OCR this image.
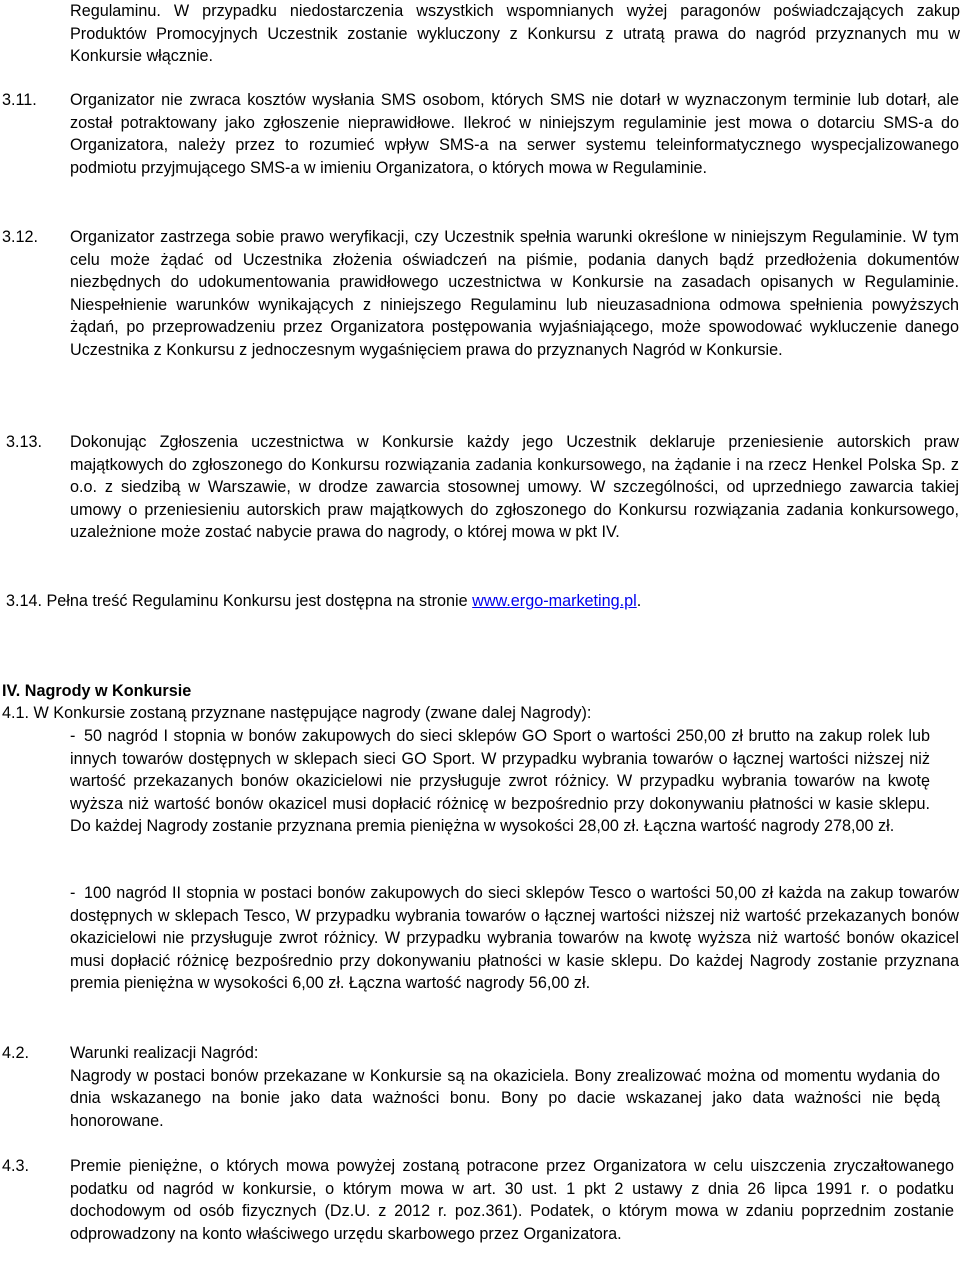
Regulaminu. W przypadku niedostarczenia wszystkich wspomnianych wyżej paragonów poświadczających zakup Produktów Promocyjnych Uczestnik zostanie wykluczony z Konkursu z utratą prawa do nagród przyznanych mu w Konkursie włącznie.
3.11. Organizator nie zwraca kosztów wysłania SMS osobom, których SMS nie dotarł w wyznaczonym terminie lub dotarł, ale został potraktowany jako zgłoszenie nieprawidłowe. Ilekroć w niniejszym regulaminie jest mowa o dotarciu SMS-a do Organizatora, należy przez to rozumieć wpływ SMS-a na serwer systemu teleinformatycznego wyspecjalizowanego podmiotu przyjmującego SMS-a w imieniu Organizatora, o których mowa w Regulaminie.
3.12. Organizator zastrzega sobie prawo weryfikacji, czy Uczestnik spełnia warunki określone w niniejszym Regulaminie. W tym celu może żądać od Uczestnika złożenia oświadczeń na piśmie, podania danych bądź przedłożenia dokumentów niezbędnych do udokumentowania prawidłowego uczestnictwa w Konkursie na zasadach opisanych w Regulaminie. Niespełnienie warunków wynikających z niniejszego Regulaminu lub nieuzasadniona odmowa spełnienia powyższych żądań, po przeprowadzeniu przez Organizatora postępowania wyjaśniającego, może spowodować wykluczenie danego Uczestnika z Konkursu z jednoczesnym wygaśnięciem prawa do przyznanych Nagród w Konkursie.
3.13. Dokonując Zgłoszenia uczestnictwa w Konkursie każdy jego Uczestnik deklaruje przeniesienie autorskich praw majątkowych do zgłoszonego do Konkursu rozwiązania zadania konkursowego, na żądanie i na rzecz Henkel Polska Sp. z o.o. z siedzibą w Warszawie, w drodze zawarcia stosownej umowy. W szczególności, od uprzedniego zawarcia takiej umowy o przeniesieniu autorskich praw majątkowych do zgłoszonego do Konkursu rozwiązania zadania konkursowego, uzależnione może zostać nabycie prawa do nagrody, o której mowa w pkt IV.
3.14. Pełna treść Regulaminu Konkursu jest dostępna na stronie www.ergo-marketing.pl.
IV. Nagrody w Konkursie
4.1. W Konkursie zostaną przyznane następujące nagrody (zwane dalej Nagrody):
- 50 nagród I stopnia w bonów zakupowych do sieci sklepów GO Sport o wartości 250,00 zł brutto na zakup rolek lub innych towarów dostępnych w sklepach sieci GO Sport. W przypadku wybrania towarów o łącznej wartości niższej niż wartość przekazanych bonów okazicielowi nie przysługuje zwrot różnicy. W przypadku wybrania towarów na kwotę wyższa niż wartość bonów okazicel musi dopłacić różnicę w bezpośrednio przy dokonywaniu płatności w kasie sklepu. Do każdej Nagrody zostanie przyznana premia pieniężna w wysokości 28,00 zł. Łączna wartość nagrody 278,00 zł.
- 100 nagród II stopnia w postaci bonów zakupowych do sieci sklepów Tesco o wartości 50,00 zł każda na zakup towarów dostępnych w sklepach Tesco, W przypadku wybrania towarów o łącznej wartości niższej niż wartość przekazanych bonów okazicielowi nie przysługuje zwrot różnicy. W przypadku wybrania towarów na kwotę wyższa niż wartość bonów okazicel musi dopłacić różnicę bezpośrednio przy dokonywaniu płatności w kasie sklepu. Do każdej Nagrody zostanie przyznana premia pieniężna w wysokości 6,00 zł. Łączna wartość nagrody 56,00 zł.
4.2.	Warunki realizacji Nagród:
Nagrody w postaci bonów przekazane w Konkursie są na okaziciela. Bony zrealizować można od momentu wydania do dnia wskazanego na bonie jako data ważności bonu. Bony po dacie wskazanej jako data ważności nie będą honorowane.
4.3.	Premie pieniężne, o których mowa powyżej zostaną potracone przez Organizatora w celu uiszczenia zryczałtowanego podatku od nagród w konkursie, o którym mowa w art. 30 ust. 1 pkt 2 ustawy z dnia 26 lipca 1991 r. o podatku dochodowym od osób fizycznych (Dz.U. z 2012 r. poz.361). Podatek, o którym mowa w zdaniu poprzednim zostanie odprowadzony na konto właściwego urzędu skarbowego przez Organizatora.
